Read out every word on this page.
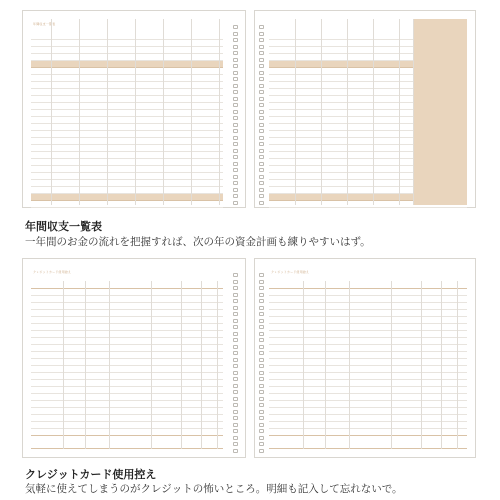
年間収支一覧表
年間収支一覧表
一年間のお金の流れを把握すれば、次の年の資金計画も練りやすいはず。
クレジットカード使用控え	クレジットカード使用控え
クレジットカード使用控え
気軽に使えてしまうのがクレジットの怖いところ。明細も記入して忘れないで。
